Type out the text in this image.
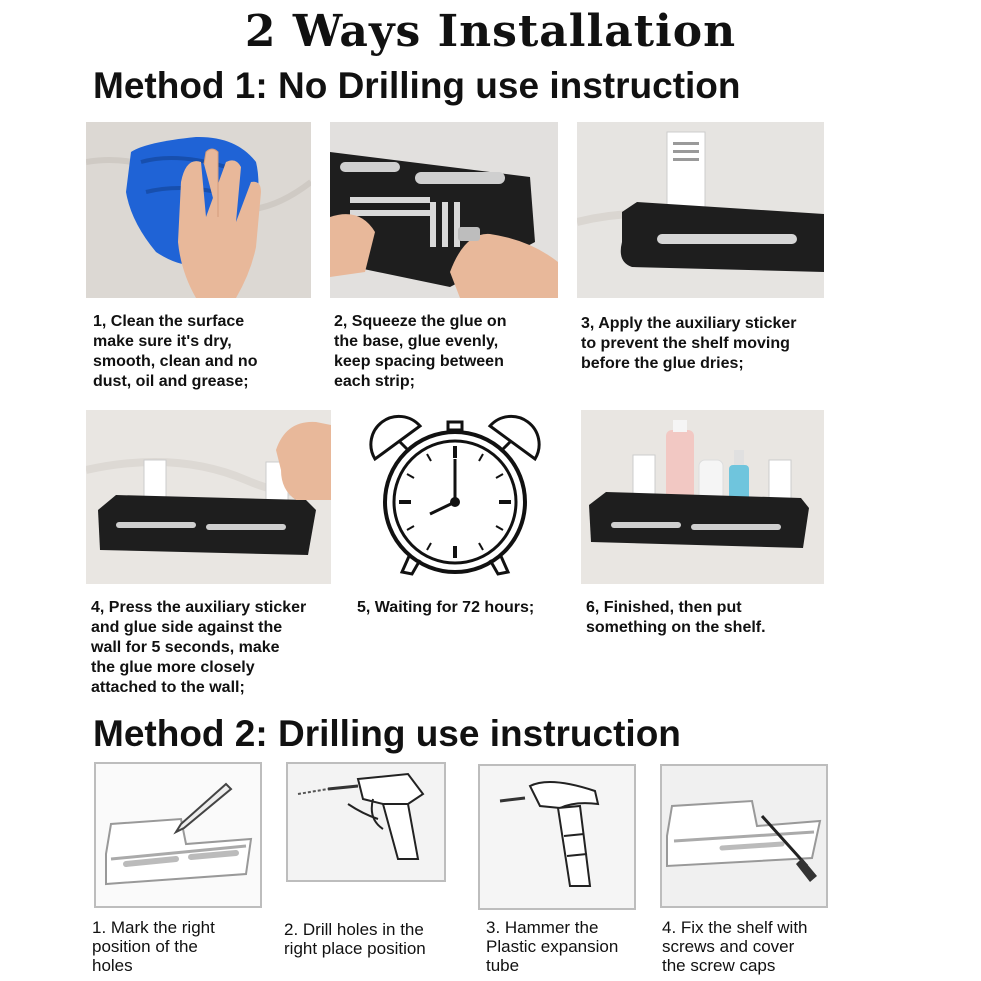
2 Ways Installation
Method 1: No Drilling use instruction
1, Clean the surface
make sure it's dry,
smooth, clean and no
dust, oil and grease;
2, Squeeze the glue on
the base, glue evenly,
keep spacing between
each strip;
3, Apply the auxiliary sticker
to prevent the shelf moving
before the glue dries;
4, Press the auxiliary sticker
and glue side against the
wall for 5 seconds, make
the glue more closely
attached to the wall;
5, Waiting for 72 hours;	6, Finished, then put
something on the shelf.
Method 2: Drilling use instruction
1. Mark the right
position of the
holes
2. Drill holes in the
right place position
3. Hammer the
Plastic expansion
tube
4. Fix the shelf with
screws and cover
the screw caps
